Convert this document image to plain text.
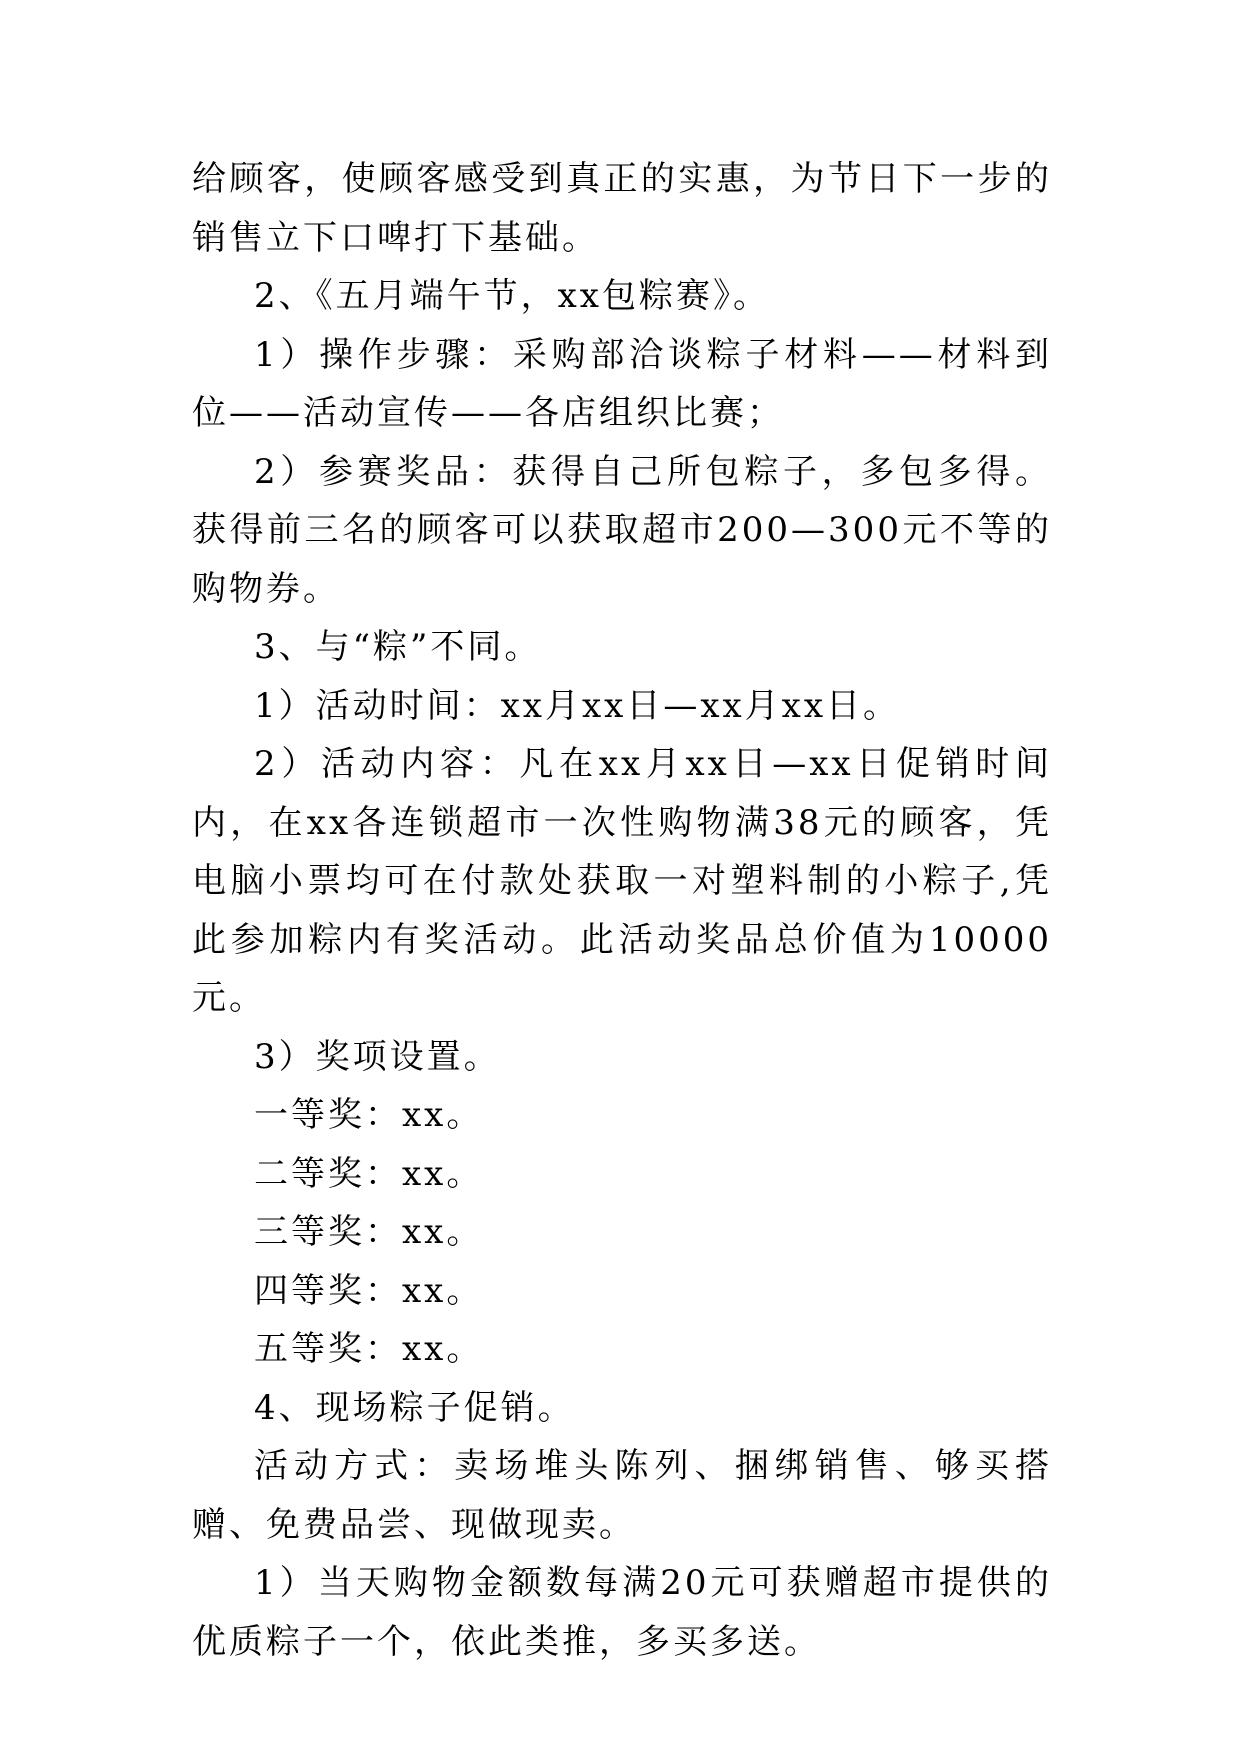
给顾客，使顾客感受到真正的实惠，为节日下一步的销售立下口啤打下基础。

2、《五月端午节，xx包粽赛》。

1）操作步骤：采购部洽谈粽子材料——材料到位——活动宣传——各店组织比赛；

2）参赛奖品：获得自己所包粽子，多包多得。获得前三名的顾客可以获取超市200—300元不等的购物券。

3、与“粽”不同。

1）活动时间：xx月xx日—xx月xx日。

2）活动内容：凡在xx月xx日—xx日促销时间内，在xx各连锁超市一次性购物满38元的顾客，凭电脑小票均可在付款处获取一对塑料制的小粽子,凭此参加粽内有奖活动。此活动奖品总价值为10000元。

3）奖项设置。

一等奖：xx。

二等奖：xx。

三等奖：xx。

四等奖：xx。

五等奖：xx。

4、现场粽子促销。

活动方式：卖场堆头陈列、捆绑销售、够买搭赠、免费品尝、现做现卖。

1）当天购物金额数每满20元可获赠超市提供的优质粽子一个，依此类推，多买多送。
